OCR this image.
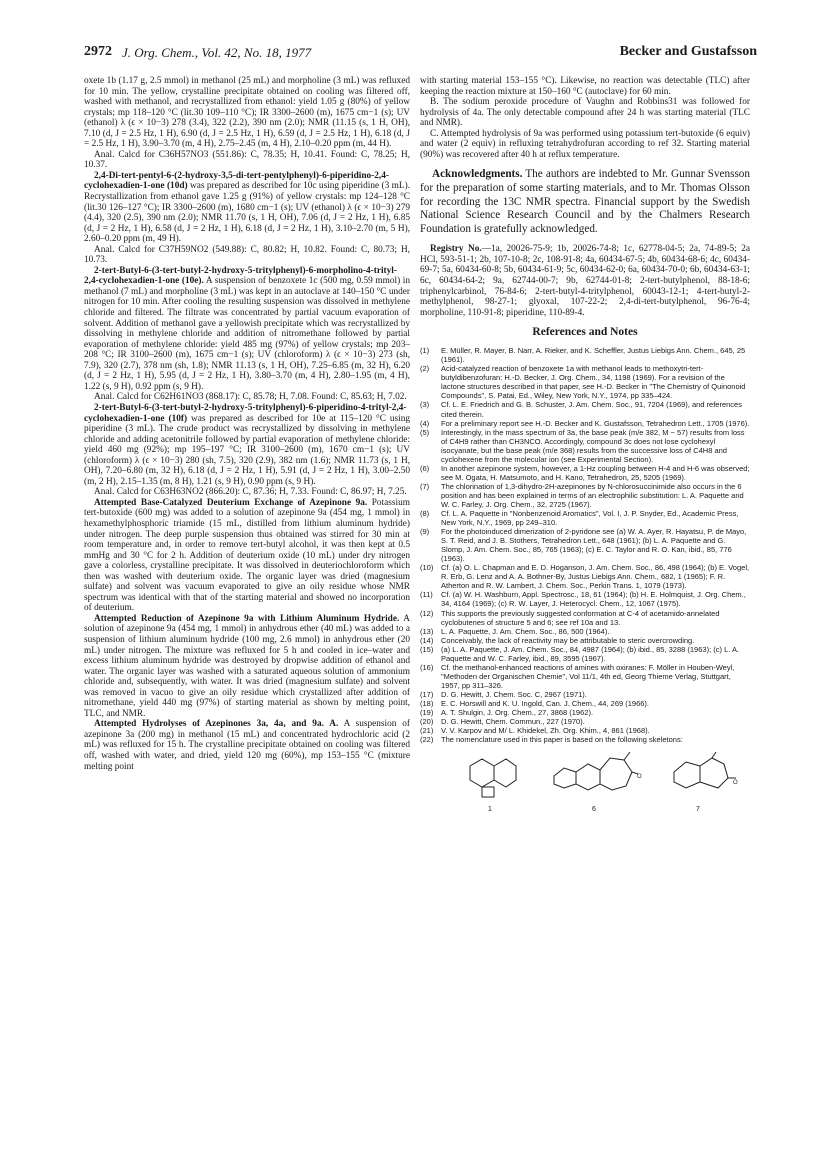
2972 J. Org. Chem., Vol. 42, No. 18, 1977	Becker and Gustafsson

oxete 1b (1.17 g, 2.5 mmol) in methanol (25 mL) and morpholine (3 mL) was refluxed for 10 min. The yellow, crystalline precipitate obtained on cooling was filtered off, washed with methanol, and recrystallized from ethanol: yield 1.05 g (80%) of yellow crystals; mp 118–120 °C (lit.30 109–110 °C); IR 3300–2600 (m), 1675 cm−1 (s); UV (ethanol) λ (ϵ × 10−3) 278 (3.4), 322 (2.2), 390 nm (2.0); NMR (11.15 (s, 1 H, OH), 7.10 (d, J = 2.5 Hz, 1 H), 6.90 (d, J = 2.5 Hz, 1 H), 6.59 (d, J = 2.5 Hz, 1 H), 6.18 (d, J = 2.5 Hz, 1 H), 3.90–3.70 (m, 4 H), 2.75–2.45 (m, 4 H), 2.10–0.20 ppm (m, 44 H).

Anal. Calcd for C36H57NO3 (551.86): C, 78.35; H, 10.41. Found: C, 78.25; H, 10.37.

2,4-Di-tert-pentyl-6-(2-hydroxy-3,5-di-tert-pentylphenyl)-6-piperidino-2,4-cyclohexadien-1-one (10d) was prepared as described for 10c using piperidine (3 mL). Recrystallization from ethanol gave 1.25 g (91%) of yellow crystals: mp 124–128 °C (lit.30 126–127 °C); IR 3300–2600 (m), 1680 cm−1 (s); UV (ethanol) λ (ϵ × 10−3) 279 (4.4), 320 (2.5), 390 nm (2.0); NMR 11.70 (s, 1 H, OH), 7.06 (d, J = 2 Hz, 1 H), 6.85 (d, J = 2 Hz, 1 H), 6.58 (d, J = 2 Hz, 1 H), 6.18 (d, J = 2 Hz, 1 H), 3.10–2.70 (m, 5 H), 2.60–0.20 ppm (m, 49 H).

Anal. Calcd for C37H59NO2 (549.88): C, 80.82; H, 10.82. Found: C, 80.73; H, 10.73.

2-tert-Butyl-6-(3-tert-butyl-2-hydroxy-5-tritylphenyl)-6-morpholino-4-trityl-2,4-cyclohexadien-1-one (10e). A suspension of benzoxete 1c (500 mg, 0.59 mmol) in methanol (7 mL) and morpholine (3 mL) was kept in an autoclave at 140–150 °C under nitrogen for 10 min. After cooling the resulting suspension was dissolved in methylene chloride and filtered. The filtrate was concentrated by partial vacuum evaporation of solvent. Addition of methanol gave a yellowish precipitate which was recrystallized by dissolving in methylene chloride and addition of nitromethane followed by partial evaporation of methylene chloride: yield 485 mg (97%) of yellow crystals; mp 203–208 °C; IR 3100–2600 (m), 1675 cm−1 (s); UV (chloroform) λ (ϵ × 10−3) 273 (sh, 7.9), 320 (2.7), 378 nm (sh, 1.8); NMR 11.13 (s, 1 H, OH), 7.25–6.85 (m, 32 H), 6.20 (d, J = 2 Hz, 1 H), 5.95 (d, J = 2 Hz, 1 H), 3.80–3.70 (m, 4 H), 2.80–1.95 (m, 4 H), 1.22 (s, 9 H), 0.92 ppm (s, 9 H).

Anal. Calcd for C62H61NO3 (868.17): C, 85.78; H, 7.08. Found: C, 85.63; H, 7.02.

2-tert-Butyl-6-(3-tert-butyl-2-hydroxy-5-tritylphenyl)-6-piperidino-4-trityl-2,4-cyclohexadien-1-one (10f) was prepared as described for 10e at 115–120 °C using piperidine (3 mL). The crude product was recrystallized by dissolving in methylene chloride and adding acetonitrile followed by partial evaporation of methylene chloride: yield 460 mg (92%); mp 195–197 °C; IR 3100–2600 (m), 1670 cm−1 (s); UV (chloroform) λ (ϵ × 10−3) 280 (sh, 7.5), 320 (2.9), 382 nm (1.6); NMR 11.73 (s, 1 H, OH), 7.20–6.80 (m, 32 H), 6.18 (d, J = 2 Hz, 1 H), 5.91 (d, J = 2 Hz, 1 H), 3.00–2.50 (m, 2 H), 2.15–1.35 (m, 8 H), 1.21 (s, 9 H), 0.90 ppm (s, 9 H).

Anal. Calcd for C63H63NO2 (866.20): C, 87.36; H, 7.33. Found: C, 86.97; H, 7.25.

Attempted Base-Catalyzed Deuterium Exchange of Azepinone 9a. Potassium tert-butoxide (600 mg) was added to a solution of azepinone 9a (454 mg, 1 mmol) in hexamethylphosphoric triamide (15 mL, distilled from lithium aluminum hydride) under nitrogen. The deep purple suspension thus obtained was stirred for 30 min at room temperature and, in order to remove tert-butyl alcohol, it was then kept at 0.5 mmHg and 30 °C for 2 h. Addition of deuterium oxide (10 mL) under dry nitrogen gave a colorless, crystalline precipitate. It was dissolved in deuteriochloroform which then was washed with deuterium oxide. The organic layer was dried (magnesium sulfate) and solvent was vacuum evaporated to give an oily residue whose NMR spectrum was identical with that of the starting material and showed no incorporation of deuterium.

Attempted Reduction of Azepinone 9a with Lithium Aluminum Hydride. A solution of azepinone 9a (454 mg, 1 mmol) in anhydrous ether (40 mL) was added to a suspension of lithium aluminum hydride (100 mg, 2.6 mmol) in anhydrous ether (20 mL) under nitrogen. The mixture was refluxed for 5 h and cooled in ice–water and excess lithium aluminum hydride was destroyed by dropwise addition of ethanol and water. The organic layer was washed with a saturated aqueous solution of ammonium chloride and, subsequently, with water. It was dried (magnesium sulfate) and solvent was removed in vacuo to give an oily residue which crystallized after addition of nitromethane, yield 440 mg (97%) of starting material as shown by melting point, TLC, and NMR.

Attempted Hydrolyses of Azepinones 3a, 4a, and 9a. A. A suspension of azepinone 3a (200 mg) in methanol (15 mL) and concentrated hydrochloric acid (2 mL) was refluxed for 15 h. The crystalline precipitate obtained on cooling was filtered off, washed with water, and dried, yield 120 mg (60%), mp 153–155 °C (mixture melting point

with starting material 153–155 °C). Likewise, no reaction was detectable (TLC) after keeping the reaction mixture at 150–160 °C (autoclave) for 60 min.

B. The sodium peroxide procedure of Vaughn and Robbins31 was followed for hydrolysis of 4a. The only detectable compound after 24 h was starting material (TLC and NMR).

C. Attempted hydrolysis of 9a was performed using potassium tert-butoxide (6 equiv) and water (2 equiv) in refluxing tetrahydrofuran according to ref 32. Starting material (90%) was recovered after 40 h at reflux temperature.

Acknowledgments. The authors are indebted to Mr. Gunnar Svensson for the preparation of some starting materials, and to Mr. Thomas Olsson for recording the 13C NMR spectra. Financial support by the Swedish National Science Research Council and by the Chalmers Research Foundation is gratefully acknowledged.

Registry No.—1a, 20026-75-9; 1b, 20026-74-8; 1c, 62778-04-5; 2a, 74-89-5; 2a HCl, 593-51-1; 2b, 107-10-8; 2c, 108-91-8; 4a, 60434-67-5; 4b, 60434-68-6; 4c, 60434-69-7; 5a, 60434-60-8; 5b, 60434-61-9; 5c, 60434-62-0; 6a, 60434-70-0; 6b, 60434-63-1; 6c, 60434-64-2; 9a, 62744-00-7; 9b, 62744-01-8; 2-tert-butylphenol, 88-18-6; triphenylcarbinol, 76-84-6; 2-tert-butyl-4-tritylphenol, 60043-12-1; 4-tert-butyl-2-methylphenol, 98-27-1; glyoxal, 107-22-2; 2,4-di-tert-butylphenol, 96-76-4; morpholine, 110-91-8; piperidine, 110-89-4.

References and Notes

(1)	E. Müller, R. Mayer, B. Narr, A. Rieker, and K. Scheffler, Justus Liebigs Ann. Chem., 645, 25 (1961).
(2)	Acid-catalyzed reaction of benzoxete 1a with methanol leads to methoxytri-tert-butyldibenzofuran: H.-D. Becker, J. Org. Chem., 34, 1198 (1969). For a revision of the lactone structures described in that paper, see H.-D. Becker in "The Chemistry of Quinonoid Compounds", S. Patai, Ed., Wiley, New York, N.Y., 1974, pp 335–424.
(3)	Cf. L. E. Friedrich and G. B. Schuster, J. Am. Chem. Soc., 91, 7204 (1969), and references cited therein.
(4)	For a preliminary report see H.-D. Becker and K. Gustafsson, Tetrahedron Lett., 1705 (1976).
(5)	Interestingly, in the mass spectrum of 3a, the base peak (m/e 382, M − 57) results from loss of C4H9 rather than CH3NCO. Accordingly, compound 3c does not lose cyclohexyl isocyanate, but the base peak (m/e 368) results from the successive loss of C4H8 and cyclohexene from the molecular ion (see Experimental Section).
(6)	In another azepinone system, however, a 1-Hz coupling between H-4 and H-6 was observed; see M. Ogata, H. Matsumoto, and H. Kano, Tetrahedron, 25, 5205 (1969).
(7)	The chlorination of 1,3-dihydro-2H-azepinones by N-chlorosuccinimide also occurs in the 6 position and has been explained in terms of an electrophilic substitution: L. A. Paquette and W. C. Farley, J. Org. Chem., 32, 2725 (1967).
(8)	Cf. L. A. Paquette in "Nonbenzenoid Aromatics", Vol. I, J. P. Snyder, Ed., Academic Press, New York, N.Y., 1969, pp 249–310.
(9)	For the photoinduced dimerization of 2-pyridone see (a) W. A. Ayer, R. Hayatsu, P. de Mayo, S. T. Reid, and J. B. Stothers, Tetrahedron Lett., 648 (1961); (b) L. A. Paquette and G. Slomp, J. Am. Chem. Soc., 85, 765 (1963); (c) E. C. Taylor and R. O. Kan, ibid., 85, 776 (1963).
(10)	Cf. (a) O. L. Chapman and E. D. Hoganson, J. Am. Chem. Soc., 86, 498 (1964); (b) E. Vogel, R. Erb, G. Lenz and A. A. Bothner-By, Justus Liebigs Ann. Chem., 682, 1 (1965); F. R. Atherton and R. W. Lambert, J. Chem. Soc., Perkin Trans. 1, 1079 (1973).
(11)	Cf. (a) W. H. Washburn, Appl. Spectrosc., 18, 61 (1964); (b) H. E. Holmquist, J. Org. Chem., 34, 4164 (1969); (c) R. W. Layer, J. Heterocycl. Chem., 12, 1067 (1975).
(12)	This supports the previously suggested conformation at C-4 of acetamido-annelated cyclobutenes of structure 5 and 6; see ref 10a and 13.
(13)	L. A. Paquette, J. Am. Chem. Soc., 86, 500 (1964).
(14)	Conceivably, the lack of reactivity may be attributable to steric overcrowding.
(15)	(a) L. A. Paquette, J. Am. Chem. Soc., 84, 4987 (1964); (b) ibid., 85, 3288 (1963); (c) L. A. Paquette and W. C. Farley, ibid., 89, 3595 (1967).
(16)	Cf. the methanol-enhanced reactions of amines with oxiranes: F. Möller in Houben-Weyl, "Methoden der Organischen Chemie", Vol 11/1, 4th ed, Georg Thieme Verlag, Stuttgart, 1957, pp 311–326.
(17)	D. G. Hewitt, J. Chem. Soc. C, 2967 (1971).
(18)	E. C. Horswill and K. U. Ingold, Can. J. Chem., 44, 269 (1966).
(19)	A. T. Shulgin, J. Org. Chem., 27, 3868 (1962).
(20)	D. G. Hewitt, Chem. Commun., 227 (1970).
(21)	V. V. Karpov and M/ L. Khidekel, Zh. Org. Khim., 4, 861 (1968).
(22)	The nomenclature used in this paper is based on the following skeletons:
1
O
6
O
7
